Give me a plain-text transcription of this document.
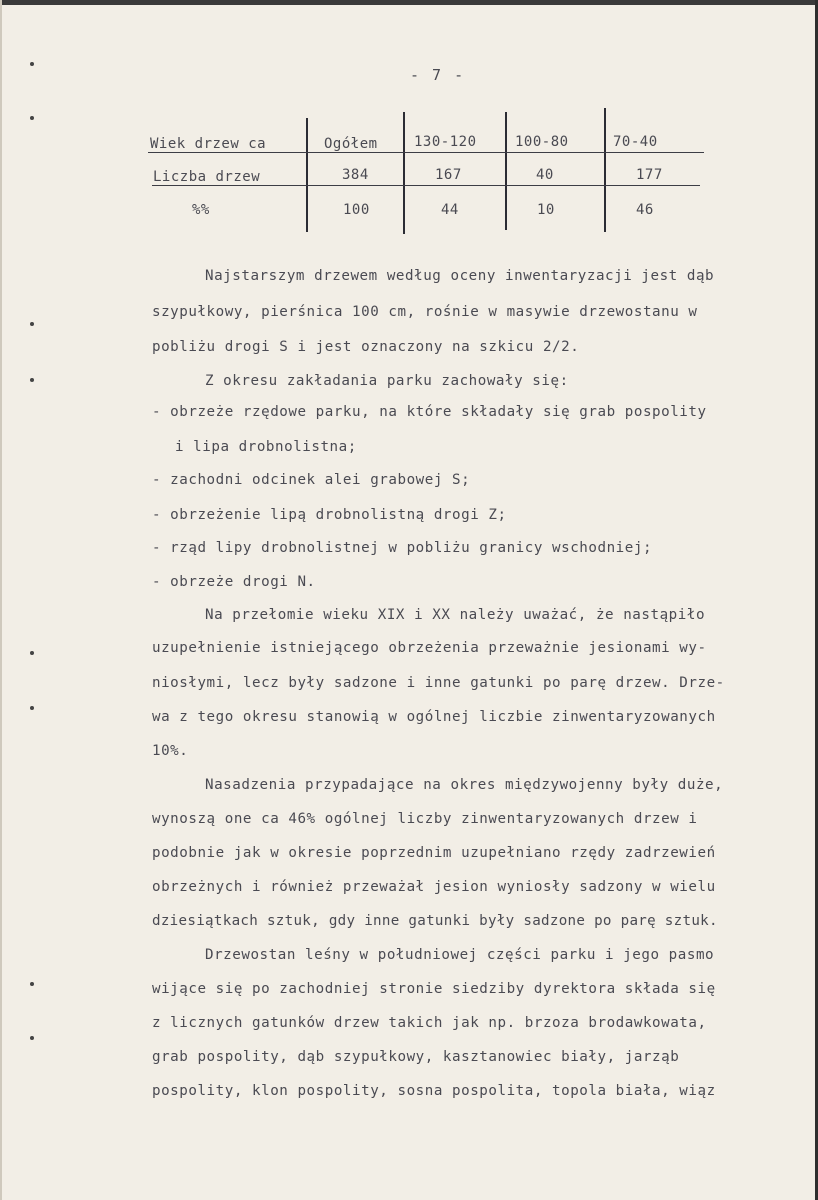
- 7 -
Wiek drzew ca	Ogółem	130-120	100-80	70-40
Liczba drzew	384	167	40	177
%%	100	44	10	46
Najstarszym drzewem według oceny inwentaryzacji jest dąb
szypułkowy, pierśnica 100 cm, rośnie w masywie drzewostanu w
pobliżu drogi S i jest oznaczony na szkicu 2/2.
Z okresu zakładania parku zachowały się:
- obrzeże rzędowe parku, na które składały się grab pospolity
i lipa drobnolistna;
- zachodni odcinek alei grabowej S;
- obrzeżenie lipą drobnolistną drogi Z;
- rząd lipy drobnolistnej w pobliżu granicy wschodniej;
- obrzeże drogi N.
Na przełomie wieku XIX i XX należy uważać, że nastąpiło
uzupełnienie istniejącego obrzeżenia przeważnie jesionami wy-
niosłymi, lecz były sadzone i inne gatunki po parę drzew. Drze-
wa z tego okresu stanowią w ogólnej liczbie zinwentaryzowanych
10%.
Nasadzenia przypadające na okres międzywojenny były duże,
wynoszą one ca 46% ogólnej liczby zinwentaryzowanych drzew i
podobnie jak w okresie poprzednim uzupełniano rzędy zadrzewień
obrzeżnych i również przeważał jesion wyniosły sadzony w wielu
dziesiątkach sztuk, gdy inne gatunki były sadzone po parę sztuk.
Drzewostan leśny w południowej części parku i jego pasmo
wijące się po zachodniej stronie siedziby dyrektora składa się
z licznych gatunków drzew takich jak np. brzoza brodawkowata,
grab pospolity, dąb szypułkowy, kasztanowiec biały, jarząb
pospolity, klon pospolity, sosna pospolita, topola biała, wiąz
